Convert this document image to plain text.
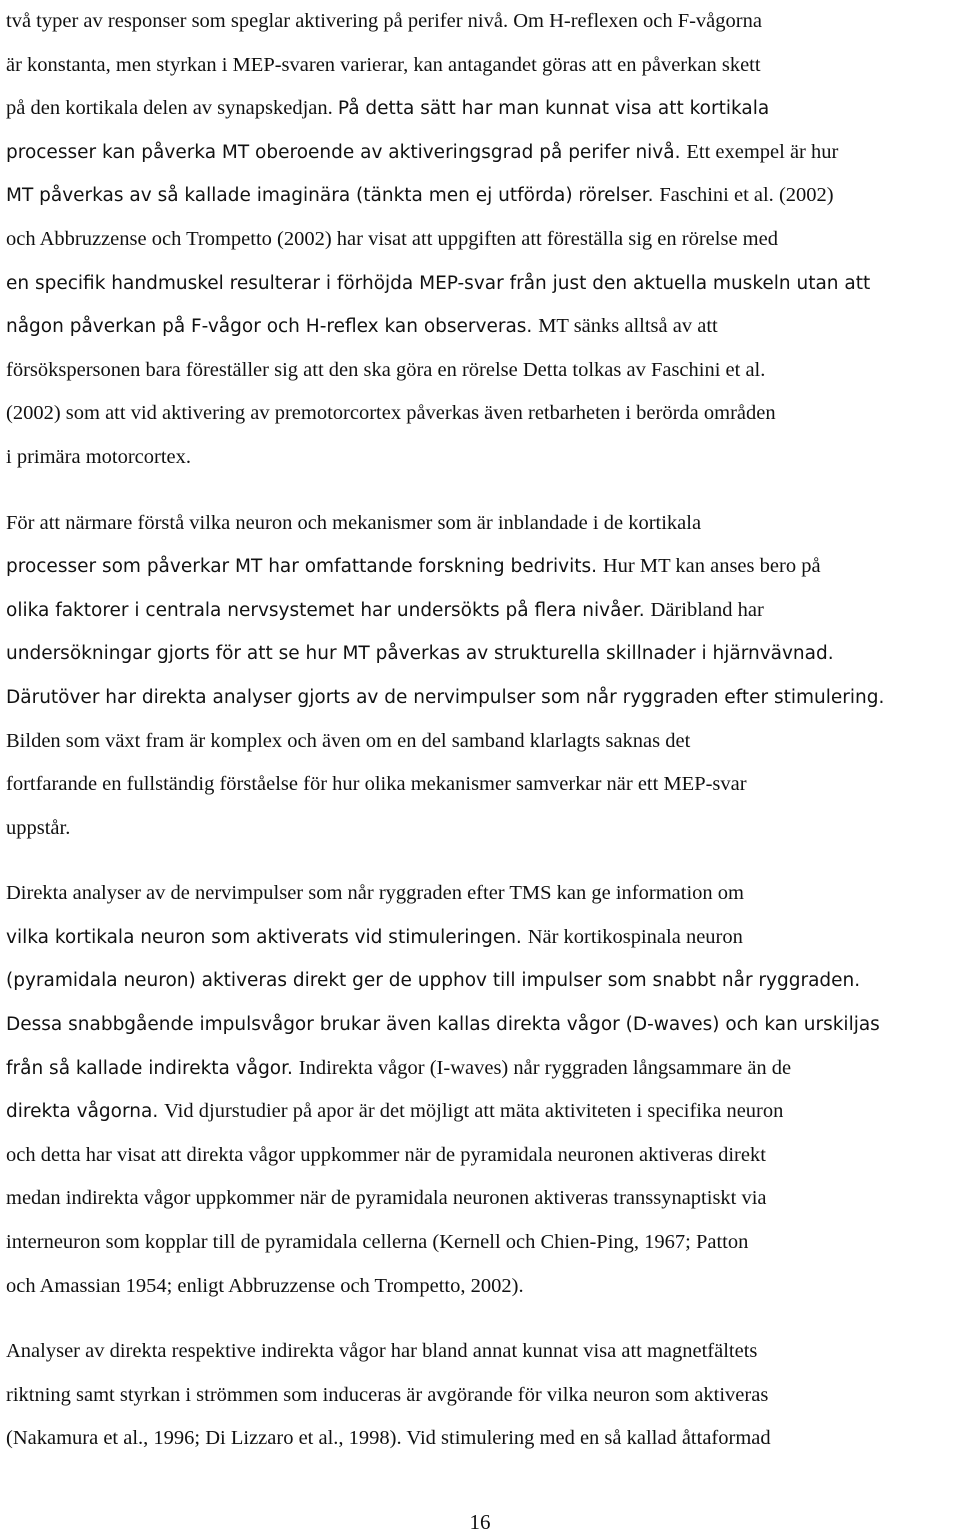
två typer av responser som speglar aktivering på perifer nivå. Om H-reflexen och F-vågorna
är konstanta, men styrkan i MEP-svaren varierar, kan antagandet göras att en påverkan skett
på den kortikala delen av synapskedjan. På detta sätt har man kunnat visa att kortikala
processer kan påverka MT oberoende av aktiveringsgrad på perifer nivå. Ett exempel är hur
MT påverkas av så kallade imaginära (tänkta men ej utförda) rörelser. Faschini et al. (2002)
och Abbruzzense och Trompetto (2002) har visat att uppgiften att föreställa sig en rörelse med
en specifik handmuskel resulterar i förhöjda MEP-svar från just den aktuella muskeln utan att
någon påverkan på F-vågor och H-reflex kan observeras. MT sänks alltså av att
försökspersonen bara föreställer sig att den ska göra en rörelse Detta tolkas av Faschini et al.
(2002) som att vid aktivering av premotorcortex påverkas även retbarheten i berörda områden
i primära motorcortex.

För att närmare förstå vilka neuron och mekanismer som är inblandade i de kortikala
processer som påverkar MT har omfattande forskning bedrivits. Hur MT kan anses bero på
olika faktorer i centrala nervsystemet har undersökts på flera nivåer. Däribland har
undersökningar gjorts för att se hur MT påverkas av strukturella skillnader i hjärnvävnad.
Därutöver har direkta analyser gjorts av de nervimpulser som når ryggraden efter stimulering.
Bilden som växt fram är komplex och även om en del samband klarlagts saknas det
fortfarande en fullständig förståelse för hur olika mekanismer samverkar när ett MEP-svar
uppstår.

Direkta analyser av de nervimpulser som når ryggraden efter TMS kan ge information om
vilka kortikala neuron som aktiverats vid stimuleringen. När kortikospinala neuron
(pyramidala neuron) aktiveras direkt ger de upphov till impulser som snabbt når ryggraden.
Dessa snabbgående impulsvågor brukar även kallas direkta vågor (D-waves) och kan urskiljas
från så kallade indirekta vågor. Indirekta vågor (I-waves) når ryggraden långsammare än de
direkta vågorna. Vid djurstudier på apor är det möjligt att mäta aktiviteten i specifika neuron
och detta har visat att direkta vågor uppkommer när de pyramidala neuronen aktiveras direkt
medan indirekta vågor uppkommer när de pyramidala neuronen aktiveras transsynaptiskt via
interneuron som kopplar till de pyramidala cellerna (Kernell och Chien-Ping, 1967; Patton
och Amassian 1954; enligt Abbruzzense och Trompetto, 2002).

Analyser av direkta respektive indirekta vågor har bland annat kunnat visa att magnetfältets
riktning samt styrkan i strömmen som induceras är avgörande för vilka neuron som aktiveras
(Nakamura et al., 1996; Di Lizzaro et al., 1998). Vid stimulering med en så kallad åttaformad

16
